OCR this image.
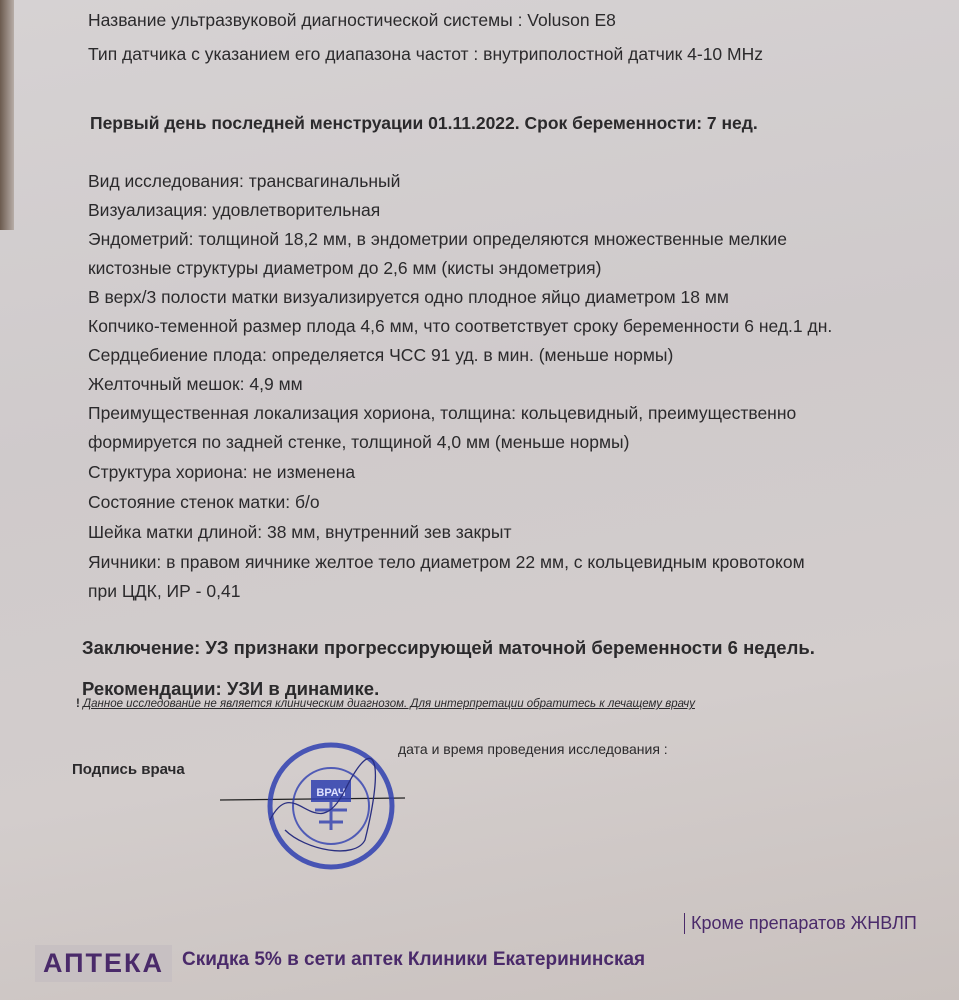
Название ультразвуковой диагностической системы : Voluson E8
Тип датчика с указанием его диапазона частот : внутриполостной датчик 4-10 MHz
Первый день последней менструации 01.11.2022. Срок беременности: 7 нед.
Вид исследования: трансвагинальный
Визуализация: удовлетворительная
Эндометрий: толщиной 18,2 мм, в эндометрии определяются множественные мелкие
кистозные структуры диаметром до 2,6 мм (кисты эндометрия)
В верх/3 полости матки визуализируется одно плодное яйцо диаметром 18 мм
Копчико-теменной размер плода 4,6 мм, что соответствует сроку беременности 6 нед.1 дн.
Сердцебиение плода: определяется ЧСС 91 уд. в мин. (меньше нормы)
Желточный мешок: 4,9 мм
Преимущественная локализация хориона, толщина: кольцевидный, преимущественно
формируется по задней стенке, толщиной 4,0 мм (меньше нормы)
Структура хориона: не изменена
Состояние стенок матки: б/о
Шейка матки длиной: 38 мм, внутренний зев закрыт
Яичники: в правом яичнике желтое тело диаметром 22 мм, с кольцевидным кровотоком
при ЦДК, ИР - 0,41
Заключение: УЗ признаки прогрессирующей маточной беременности 6 недель.
Рекомендации: УЗИ в динамике.
! Данное исследование не является клиническим диагнозом. Для интерпретации обратитесь к лечащему врачу
дата и время проведения исследования :
Подпись врача
ВРАЧ
АПТЕКА Скидка 5% в сети аптек Клиники Екатерининская
Кроме препаратов ЖНВЛП
